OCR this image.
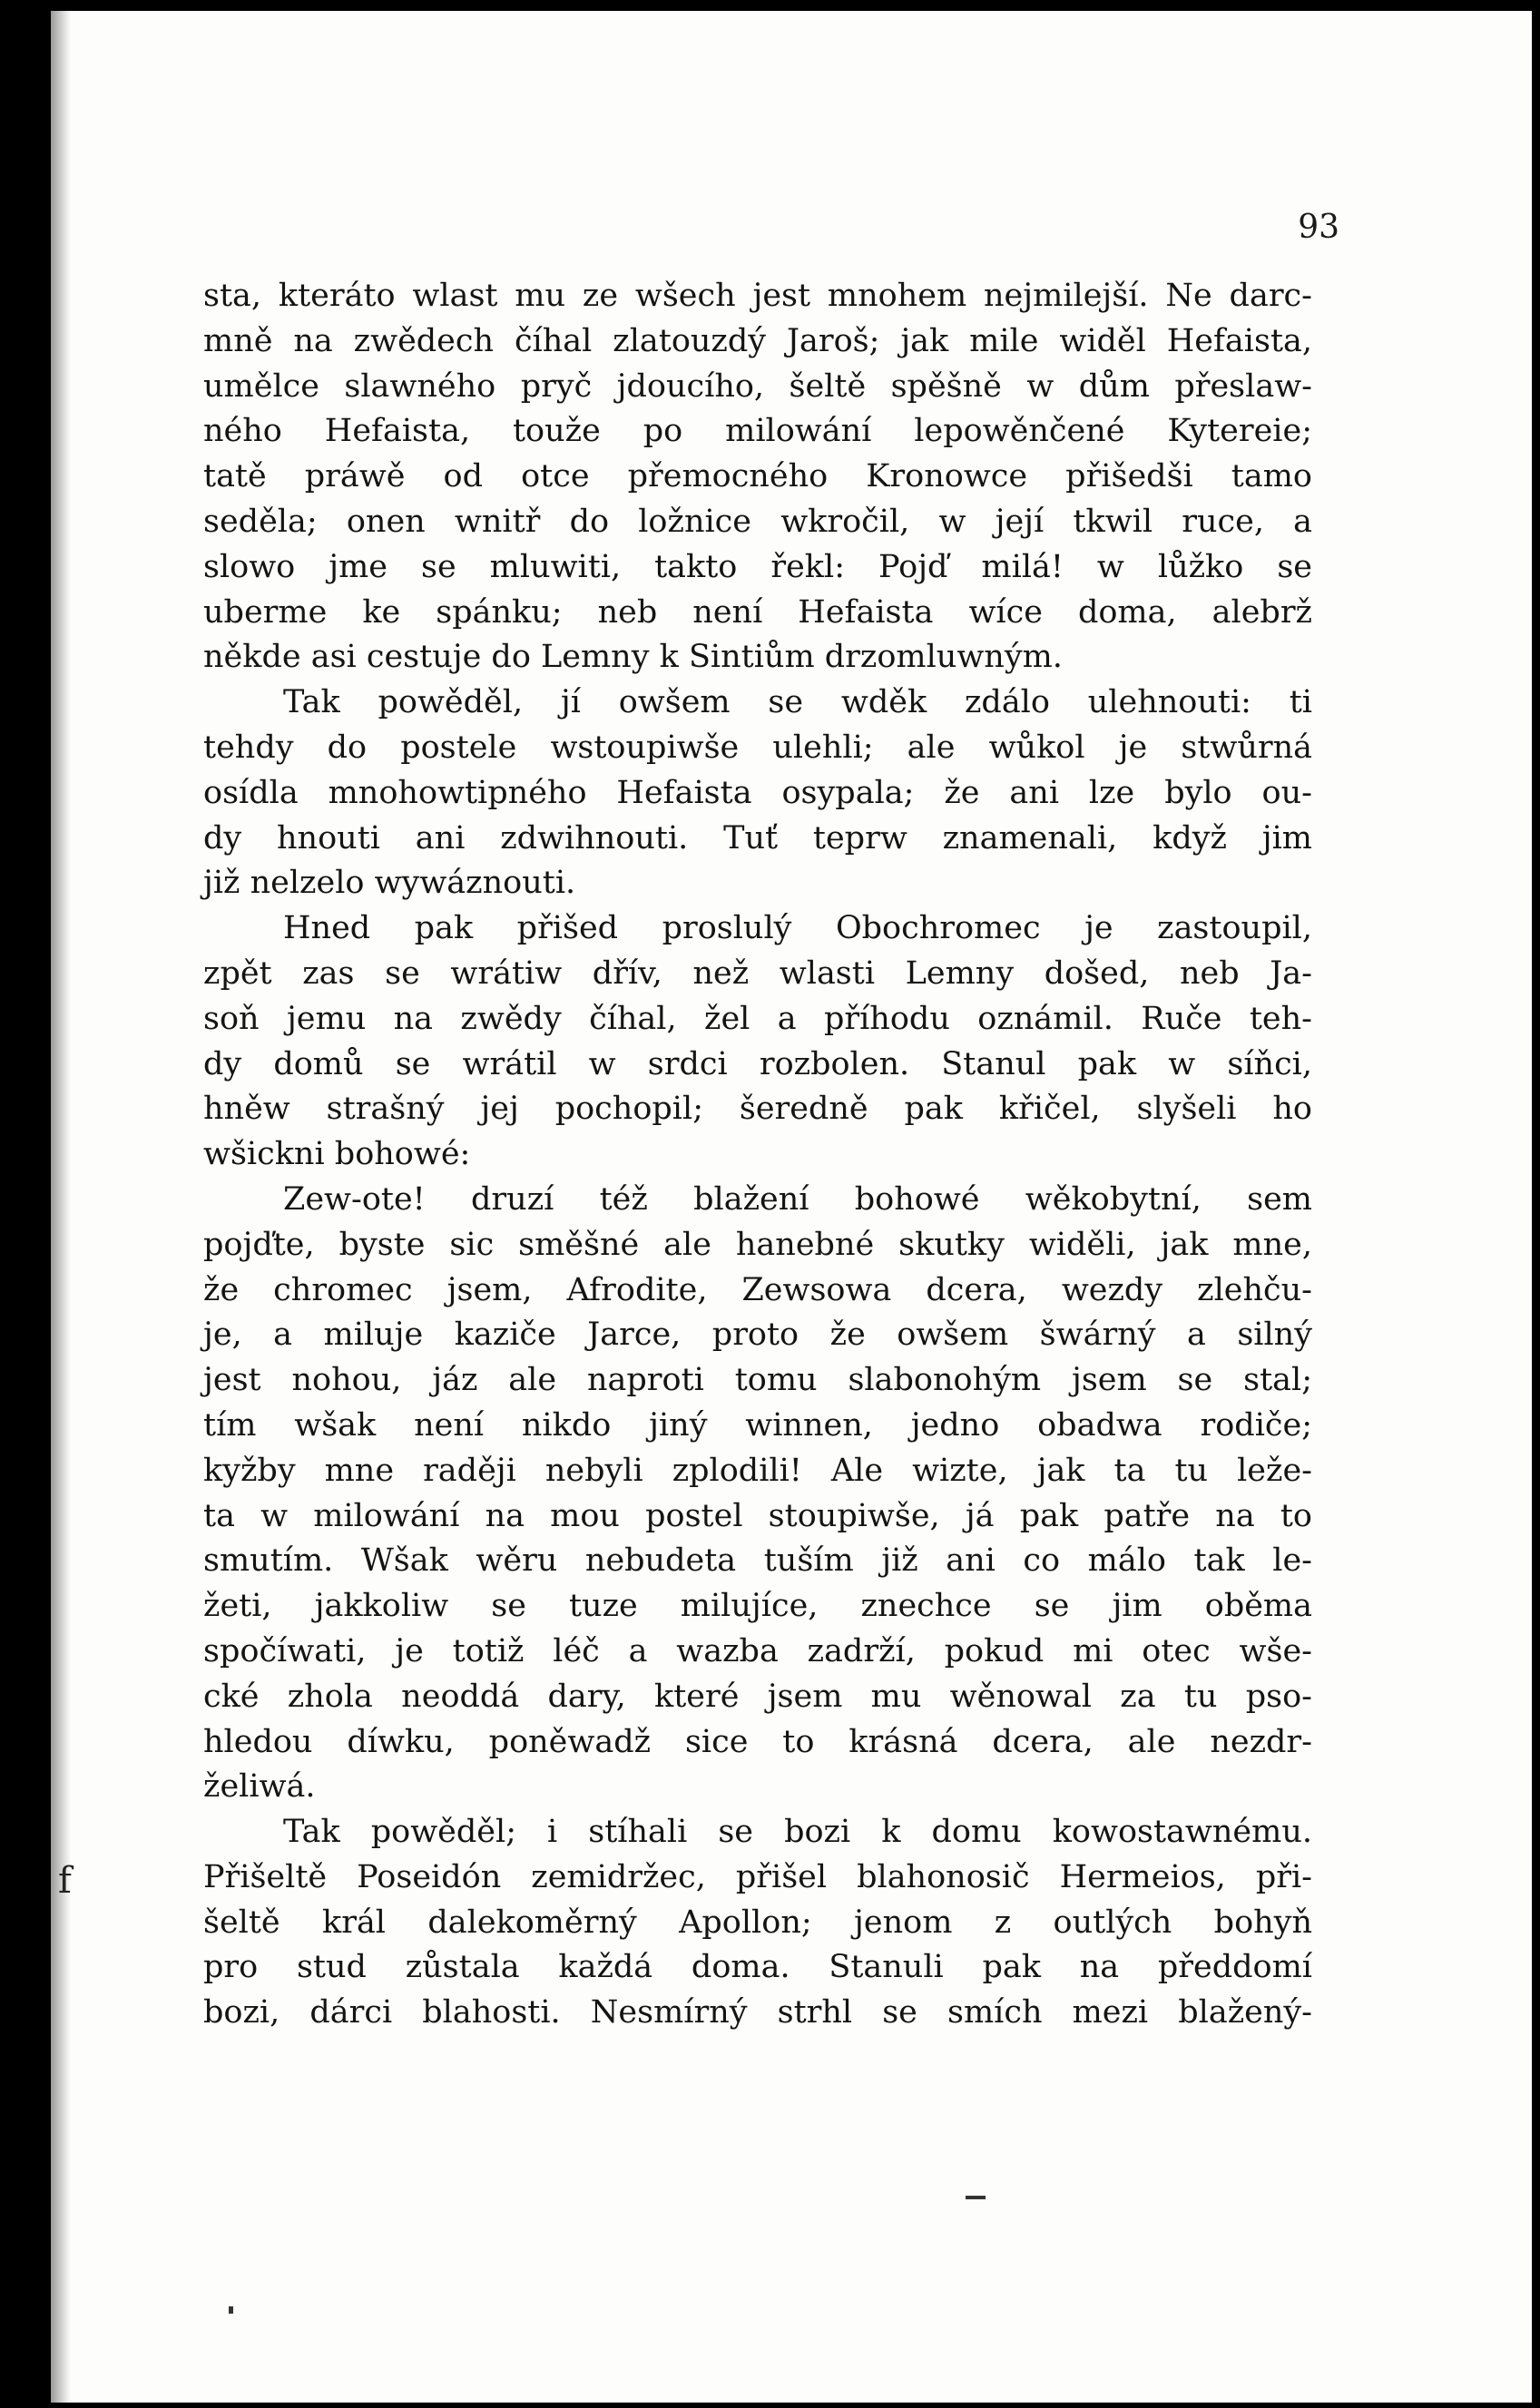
93
sta, kteráto wlast mu ze wšech jest mnohem nejmilejší. Ne darc-
mně na zwědech číhal zlatouzdý Jaroš; jak mile widěl Hefaista,
umělce slawného pryč jdoucího, šeltě spěšně w dům přeslaw-
ného Hefaista, touže po milowání lepowěnčené Kytereie;
tatě práwě od otce přemocného Kronowce přišedši tamo
seděla; onen wnitř do ložnice wkročil, w její tkwil ruce, a
slowo jme se mluwiti, takto řekl: Pojď milá! w lůžko se
uberme ke spánku; neb není Hefaista wíce doma, alebrž
někde asi cestuje do Lemny k Sintiům drzomluwným.
Tak powěděl, jí owšem se wděk zdálo ulehnouti: ti
tehdy do postele wstoupiwše ulehli; ale wůkol je stwůrná
osídla mnohowtipného Hefaista osypala; že ani lze bylo ou-
dy hnouti ani zdwihnouti. Tuť teprw znamenali, když jim
již nelzelo wywáznouti.
Hned pak přišed proslulý Obochromec je zastoupil,
zpět zas se wrátiw dřív, než wlasti Lemny došed, neb Ja-
soň jemu na zwědy číhal, žel a příhodu oznámil. Ruče teh-
dy domů se wrátil w srdci rozbolen. Stanul pak w síňci,
hněw strašný jej pochopil; šeredně pak křičel, slyšeli ho
wšickni bohowé:
Zew-ote! druzí též blažení bohowé wěkobytní, sem
pojďte, byste sic směšné ale hanebné skutky widěli, jak mne,
že chromec jsem, Afrodite, Zewsowa dcera, wezdy zlehču-
je, a miluje kaziče Jarce, proto že owšem šwárný a silný
jest nohou, jáz ale naproti tomu slabonohým jsem se stal;
tím wšak není nikdo jiný winnen, jedno obadwa rodiče;
kyžby mne raději nebyli zplodili! Ale wizte, jak ta tu leže-
ta w milowání na mou postel stoupiwše, já pak patře na to
smutím. Wšak wěru nebudeta tuším již ani co málo tak le-
žeti, jakkoliw se tuze milujíce, znechce se jim oběma
spočíwati, je totiž léč a wazba zadrží, pokud mi otec wše-
cké zhola neoddá dary, které jsem mu wěnowal za tu pso-
hledou díwku, poněwadž sice to krásná dcera, ale nezdr-
želiwá.
Tak powěděl; i stíhali se bozi k domu kowostawnému.
Přišeltě Poseidón zemidržec, přišel blahonosič Hermeios, při-
šeltě král dalekoměrný Apollon; jenom z outlých bohyň
pro stud zůstala každá doma. Stanuli pak na předdomí
bozi, dárci blahosti. Nesmírný strhl se smích mezi blažený-
f
